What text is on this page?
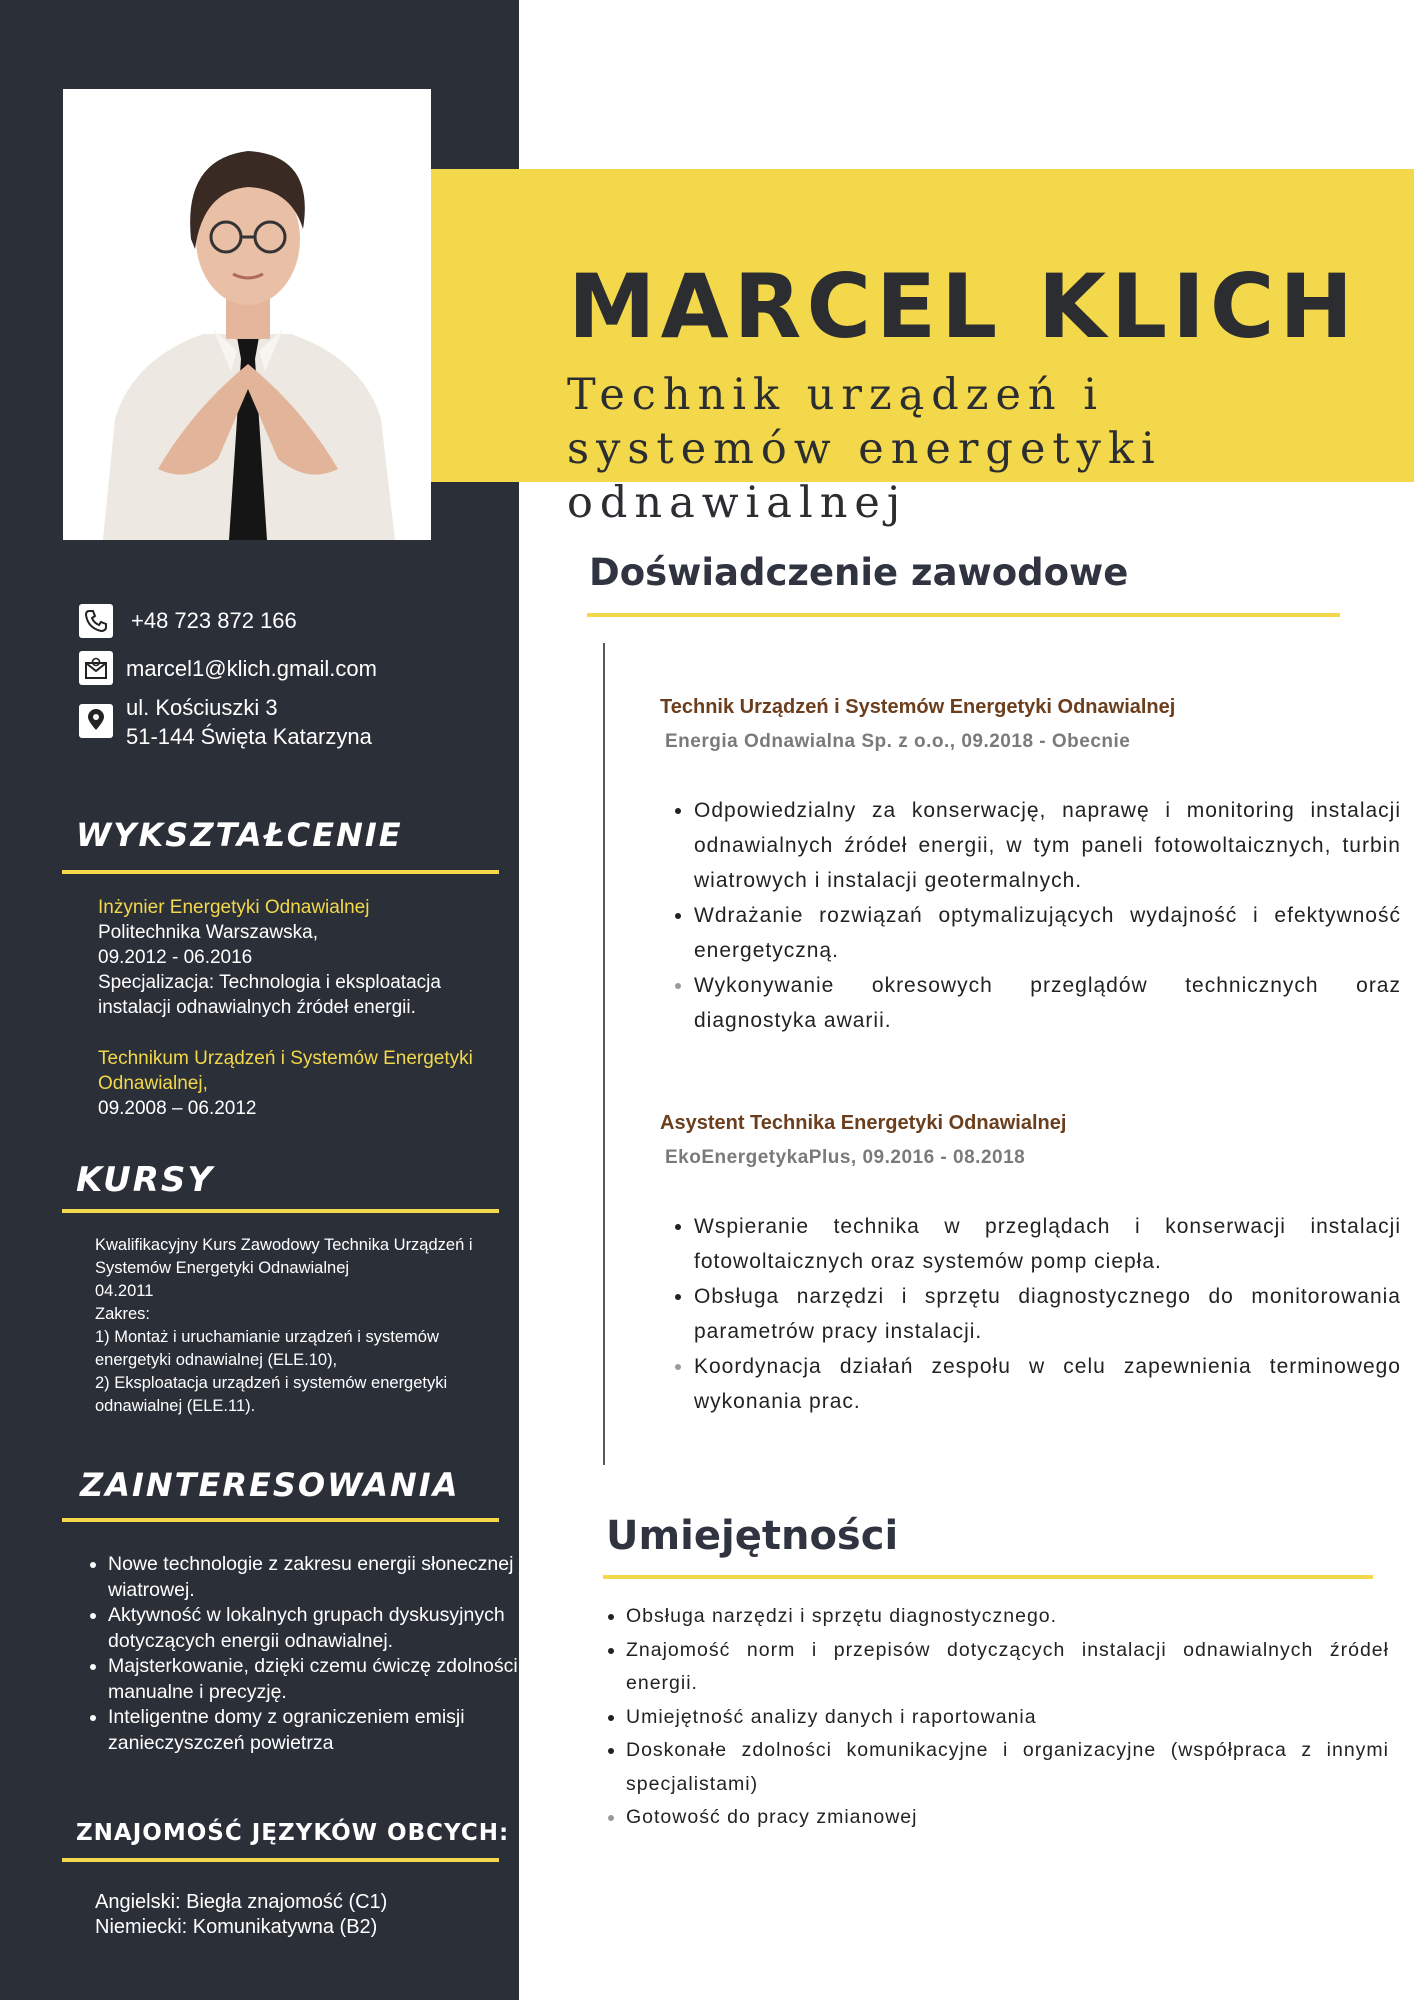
MARCEL KLICH

Technik urządzeń i systemów energetyki odnawialnej

+48 723 872 166
marcel1@klich.gmail.com
ul. Kościuszki 3
51-144 Święta Katarzyna
WYKSZTAŁCENIE
Inżynier Energetyki Odnawialnej
Politechnika Warszawska,
09.2012 - 06.2016
Specjalizacja: Technologia i eksploatacja instalacji odnawialnych źródeł energii.
Technikum Urządzeń i Systemów Energetyki Odnawialnej,
09.2008 – 06.2012
KURSY
Kwalifikacyjny Kurs Zawodowy Technika Urządzeń i Systemów Energetyki Odnawialnej
04.2011
Zakres:
1) Montaż i uruchamianie urządzeń i systemów energetyki odnawialnej (ELE.10),
2) Eksploatacja urządzeń i systemów energetyki odnawialnej (ELE.11).
ZAINTERESOWANIA
• Nowe technologie z zakresu energii słonecznej i wiatrowej.
• Aktywność w lokalnych grupach dyskusyjnych dotyczących energii odnawialnej.
• Majsterkowanie, dzięki czemu ćwiczę zdolności manualne i precyzję.
• Inteligentne domy z ograniczeniem emisji zanieczyszczeń powietrza
ZNAJOMOŚĆ JĘZYKÓW OBCYCH:
Angielski: Biegła znajomość (C1)
Niemiecki: Komunikatywna (B2)
Doświadczenie zawodowe
Technik Urządzeń i Systemów Energetyki Odnawialnej
Energia Odnawialna Sp. z o.o., 09.2018 - Obecnie
• Odpowiedzialny za konserwację, naprawę i monitoring instalacji odnawialnych źródeł energii, w tym paneli fotowoltaicznych, turbin wiatrowych i instalacji geotermalnych.
• Wdrażanie rozwiązań optymalizujących wydajność i efektywność energetyczną.
• Wykonywanie okresowych przeglądów technicznych oraz diagnostyka awarii.
Asystent Technika Energetyki Odnawialnej
EkoEnergetykaPlus, 09.2016 - 08.2018
• Wspieranie technika w przeglądach i konserwacji instalacji fotowoltaicznych oraz systemów pomp ciepła.
• Obsługa narzędzi i sprzętu diagnostycznego do monitorowania parametrów pracy instalacji.
• Koordynacja działań zespołu w celu zapewnienia terminowego wykonania prac.
Umiejętności
• Obsługa narzędzi i sprzętu diagnostycznego.
• Znajomość norm i przepisów dotyczących instalacji odnawialnych źródeł energii.
• Umiejętność analizy danych i raportowania
• Doskonałe zdolności komunikacyjne i organizacyjne (współpraca z innymi specjalistami)
• Gotowość do pracy zmianowej
